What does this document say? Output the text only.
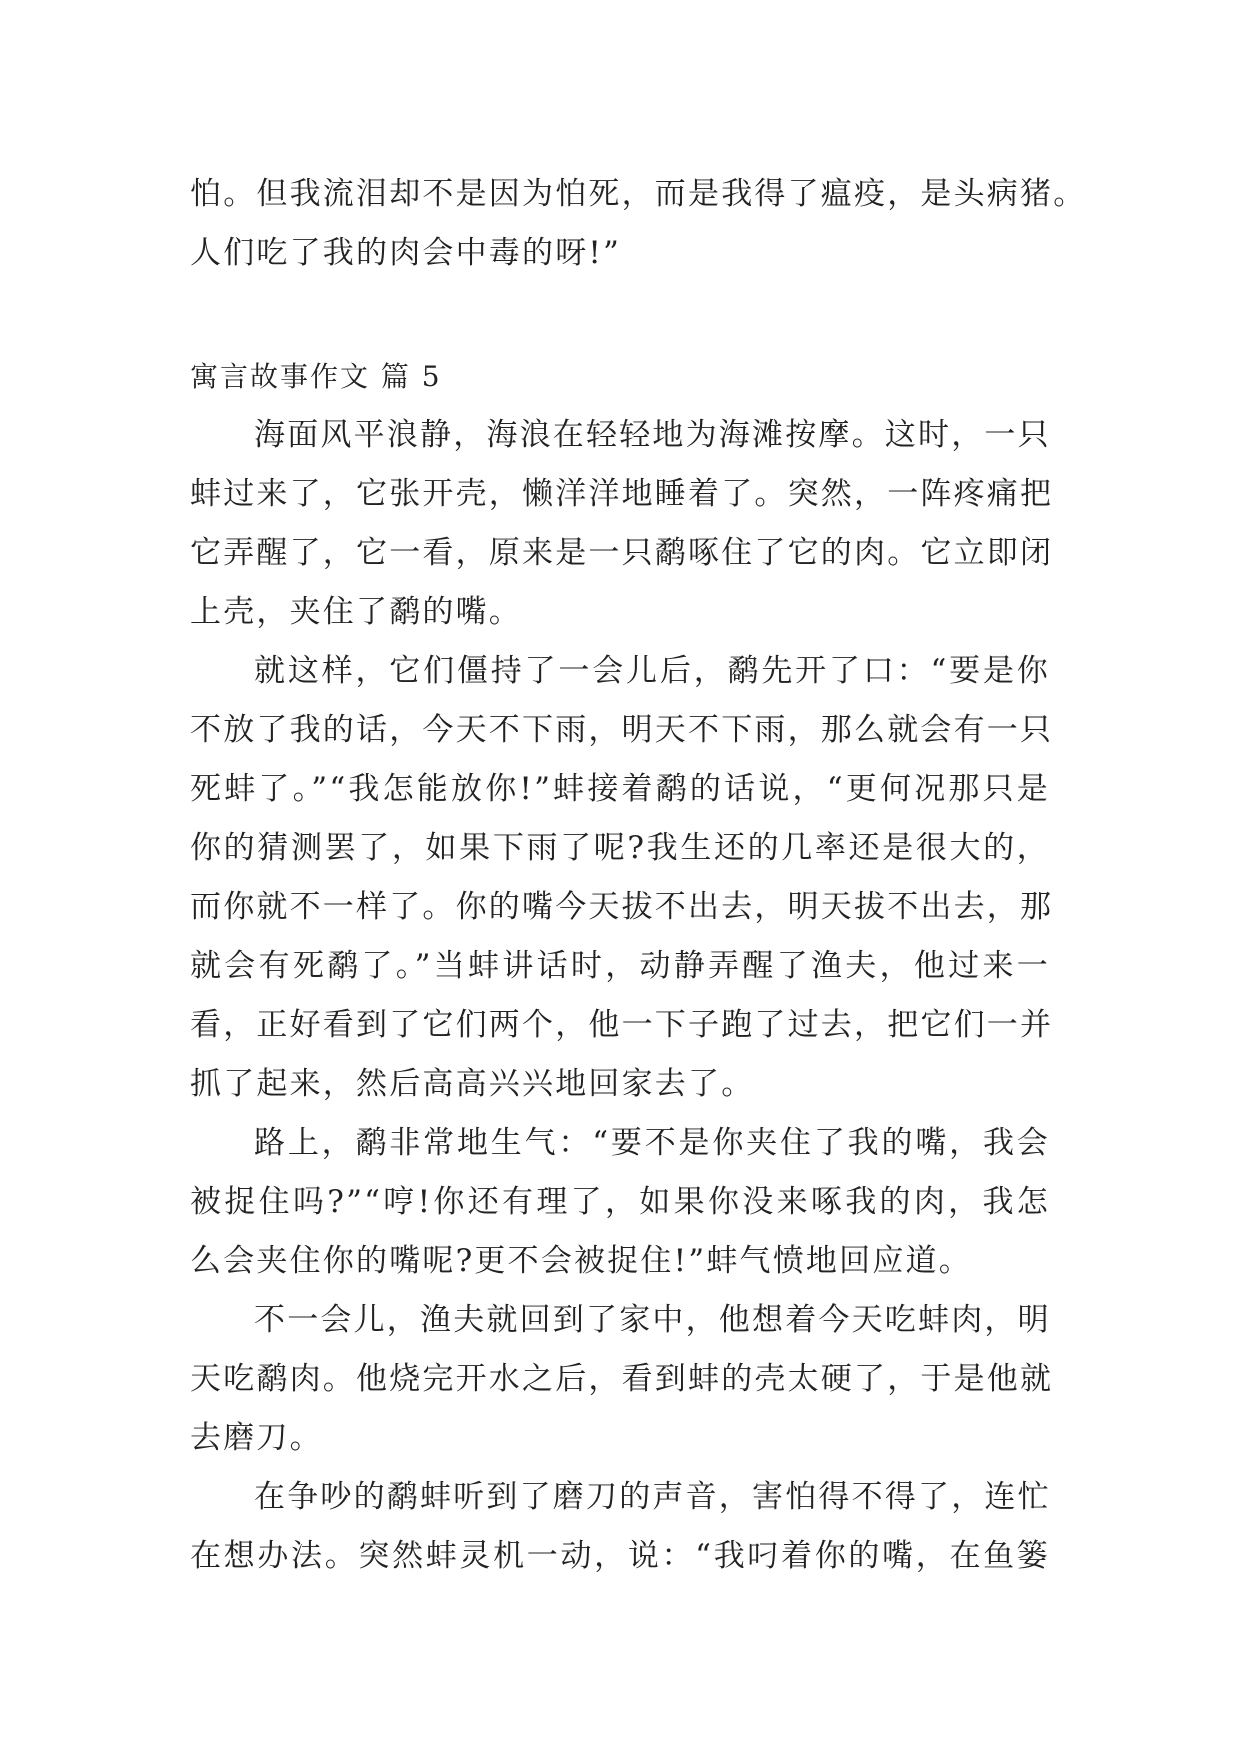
怕。但我流泪却不是因为怕死，而是我得了瘟疫，是头病猪。
人们吃了我的肉会中毒的呀!”
寓言故事作文 篇 5
海面风平浪静，海浪在轻轻地为海滩按摩。这时，一只
蚌过来了，它张开壳，懒洋洋地睡着了。突然，一阵疼痛把
它弄醒了，它一看，原来是一只鹬啄住了它的肉。它立即闭
上壳，夹住了鹬的嘴。
就这样，它们僵持了一会儿后，鹬先开了口：“要是你
不放了我的话，今天不下雨，明天不下雨，那么就会有一只
死蚌了。”“我怎能放你!”蚌接着鹬的话说，“更何况那只是
你的猜测罢了，如果下雨了呢?我生还的几率还是很大的，
而你就不一样了。你的嘴今天拔不出去，明天拔不出去，那
就会有死鹬了。”当蚌讲话时，动静弄醒了渔夫，他过来一
看，正好看到了它们两个，他一下子跑了过去，把它们一并
抓了起来，然后高高兴兴地回家去了。
路上，鹬非常地生气：“要不是你夹住了我的嘴，我会
被捉住吗?”“哼!你还有理了，如果你没来啄我的肉，我怎
么会夹住你的嘴呢?更不会被捉住!”蚌气愤地回应道。
不一会儿，渔夫就回到了家中，他想着今天吃蚌肉，明
天吃鹬肉。他烧完开水之后，看到蚌的壳太硬了，于是他就
去磨刀。
在争吵的鹬蚌听到了磨刀的声音，害怕得不得了，连忙
在想办法。突然蚌灵机一动，说：“我叼着你的嘴，在鱼篓
